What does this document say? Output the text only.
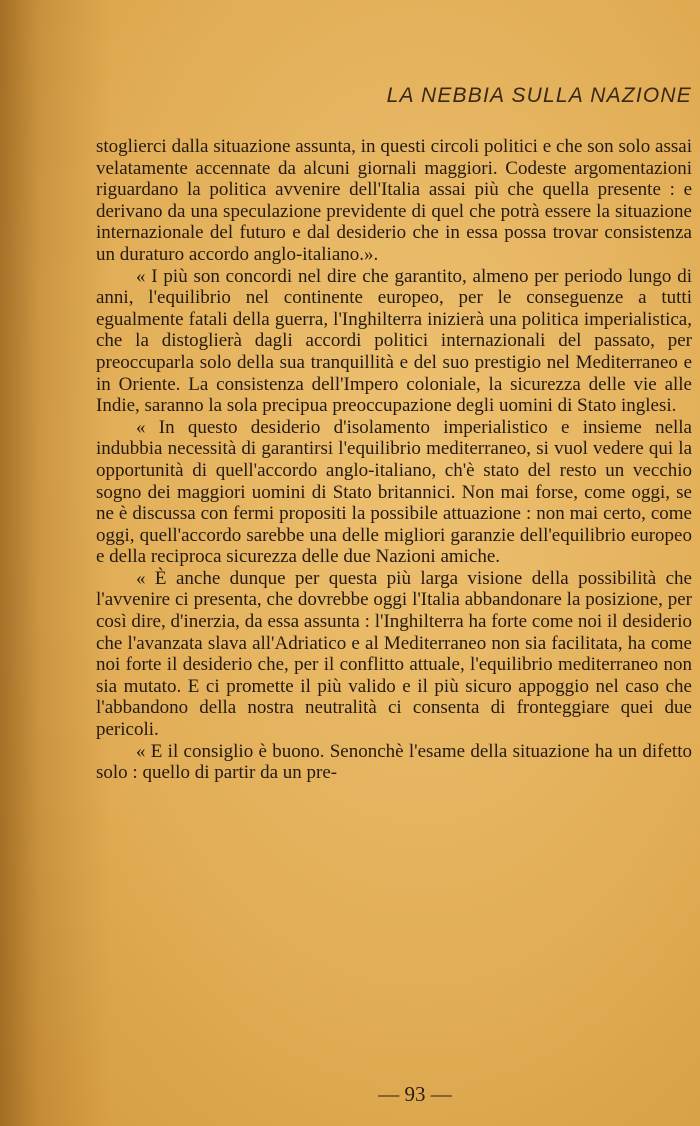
LA NEBBIA SULLA NAZIONE

stoglierci dalla situazione assunta, in questi circoli politici e che son solo assai velatamente accennate da alcuni giornali maggiori. Codeste argomentazioni riguardano la politica avvenire dell'Italia assai più che quella presente : e derivano da una speculazione previdente di quel che potrà essere la situazione internazionale del futuro e dal desiderio che in essa possa trovar consistenza un duraturo accordo anglo-italiano.».

« I più son concordi nel dire che garantito, almeno per periodo lungo di anni, l'equilibrio nel continente europeo, per le conseguenze a tutti egualmente fatali della guerra, l'Inghilterra inizierà una politica imperialistica, che la distoglierà dagli accordi politici internazionali del passato, per preoccuparla solo della sua tranquillità e del suo prestigio nel Mediterraneo e in Oriente. La consistenza dell'Impero coloniale, la sicurezza delle vie alle Indie, saranno la sola precipua preoccupazione degli uomini di Stato inglesi.

« In questo desiderio d'isolamento imperialistico e insieme nella indubbia necessità di garantirsi l'equilibrio mediterraneo, si vuol vedere qui la opportunità di quell'accordo anglo-italiano, ch'è stato del resto un vecchio sogno dei maggiori uomini di Stato britannici. Non mai forse, come oggi, se ne è discussa con fermi propositi la possibile attuazione : non mai certo, come oggi, quell'accordo sarebbe una delle migliori garanzie dell'equilibrio europeo e della reciproca sicurezza delle due Nazioni amiche.

« È anche dunque per questa più larga visione della possibilità che l'avvenire ci presenta, che dovrebbe oggi l'Italia abbandonare la posizione, per così dire, d'inerzia, da essa assunta : l'Inghilterra ha forte come noi il desiderio che l'avanzata slava all'Adriatico e al Mediterraneo non sia facilitata, ha come noi forte il desiderio che, per il conflitto attuale, l'equilibrio mediterraneo non sia mutato. E ci promette il più valido e il più sicuro appoggio nel caso che l'abbandono della nostra neutralità ci consenta di fronteggiare quei due pericoli.

« E il consiglio è buono. Senonchè l'esame della situazione ha un difetto solo : quello di partir da un pre-

— 93 —
